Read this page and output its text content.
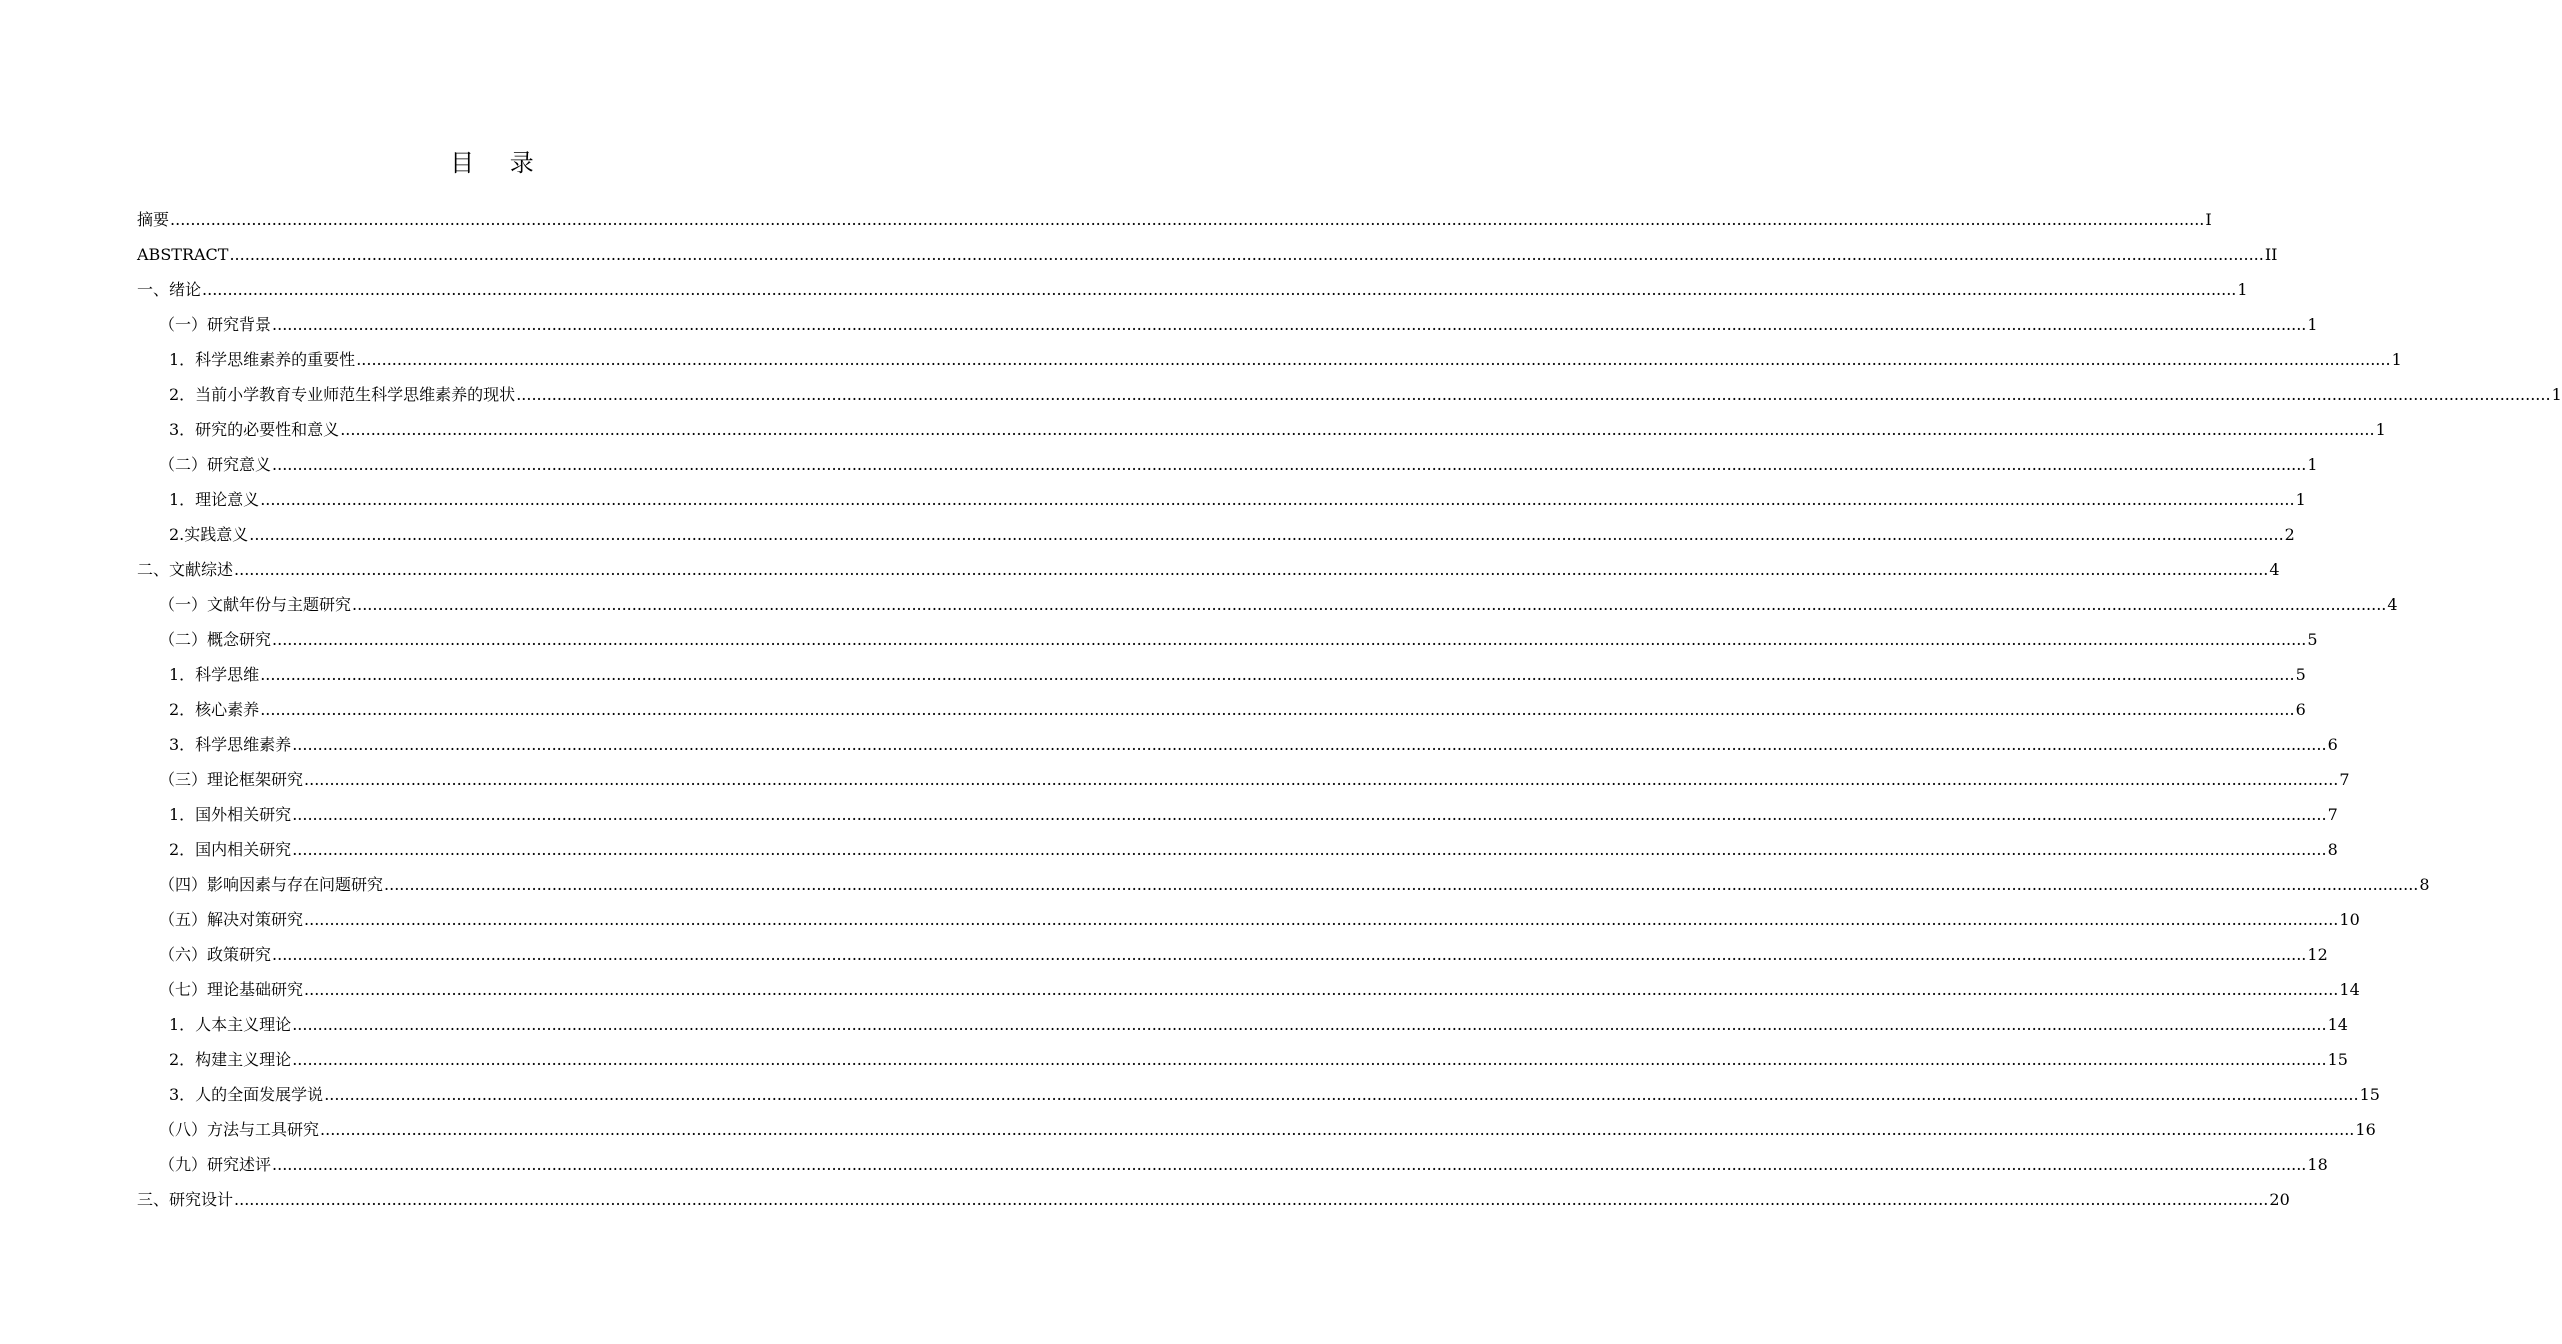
目 录
摘要 ................................................................................................................................................................................................................................................................................................................................................................................................................ I
ABSTRACT ................................................................................................................................................................................................................................................................................................................................................................................................................ II
一、绪论 ................................................................................................................................................................................................................................................................................................................................................................................................................ 1
（一）研究背景 ................................................................................................................................................................................................................................................................................................................................................................................................................ 1
1．科学思维素养的重要性 ................................................................................................................................................................................................................................................................................................................................................................................................................ 1
2．当前小学教育专业师范生科学思维素养的现状 ................................................................................................................................................................................................................................................................................................................................................................................................................ 1
3．研究的必要性和意义 ................................................................................................................................................................................................................................................................................................................................................................................................................ 1
（二）研究意义 ................................................................................................................................................................................................................................................................................................................................................................................................................ 1
1．理论意义 ................................................................................................................................................................................................................................................................................................................................................................................................................ 1
2.实践意义 ................................................................................................................................................................................................................................................................................................................................................................................................................ 2
二、文献综述 ................................................................................................................................................................................................................................................................................................................................................................................................................ 4
（一）文献年份与主题研究 ................................................................................................................................................................................................................................................................................................................................................................................................................ 4
（二）概念研究 ................................................................................................................................................................................................................................................................................................................................................................................................................ 5
1．科学思维 ................................................................................................................................................................................................................................................................................................................................................................................................................ 5
2．核心素养 ................................................................................................................................................................................................................................................................................................................................................................................................................ 6
3．科学思维素养 ................................................................................................................................................................................................................................................................................................................................................................................................................ 6
（三）理论框架研究 ................................................................................................................................................................................................................................................................................................................................................................................................................ 7
1．国外相关研究 ................................................................................................................................................................................................................................................................................................................................................................................................................ 7
2．国内相关研究 ................................................................................................................................................................................................................................................................................................................................................................................................................ 8
（四）影响因素与存在问题研究 ................................................................................................................................................................................................................................................................................................................................................................................................................ 8
（五）解决对策研究 ................................................................................................................................................................................................................................................................................................................................................................................................................ 10
（六）政策研究 ................................................................................................................................................................................................................................................................................................................................................................................................................ 12
（七）理论基础研究 ................................................................................................................................................................................................................................................................................................................................................................................................................ 14
1．人本主义理论 ................................................................................................................................................................................................................................................................................................................................................................................................................ 14
2．构建主义理论 ................................................................................................................................................................................................................................................................................................................................................................................................................ 15
3．人的全面发展学说 ................................................................................................................................................................................................................................................................................................................................................................................................................ 15
（八）方法与工具研究 ................................................................................................................................................................................................................................................................................................................................................................................................................ 16
（九）研究述评 ................................................................................................................................................................................................................................................................................................................................................................................................................ 18
三、研究设计 ................................................................................................................................................................................................................................................................................................................................................................................................................ 20
